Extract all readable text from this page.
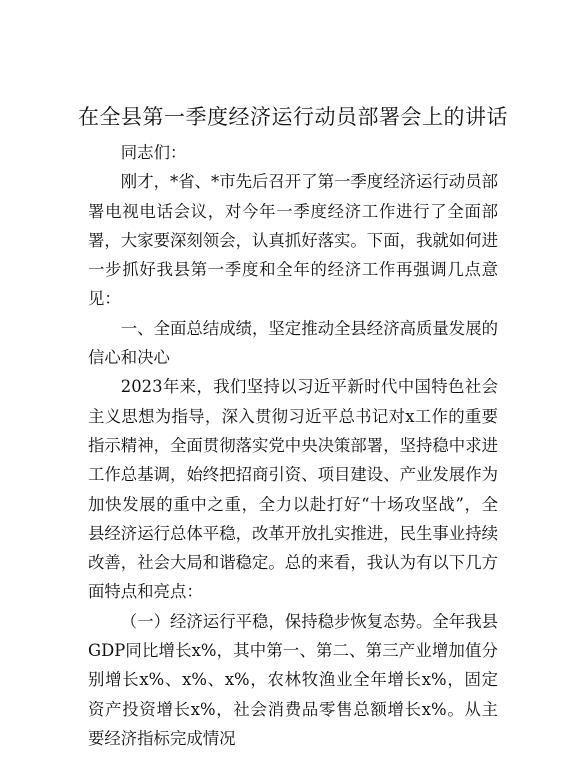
在全县第一季度经济运行动员部署会上的讲话

同志们：

刚才，*省、*市先后召开了第一季度经济运行动员部署电视电话会议，对今年一季度经济工作进行了全面部署，大家要深刻领会，认真抓好落实。下面，我就如何进一步抓好我县第一季度和全年的经济工作再强调几点意见：

一、全面总结成绩，坚定推动全县经济高质量发展的信心和决心

2023年来，我们坚持以习近平新时代中国特色社会主义思想为指导，深入贯彻习近平总书记对x工作的重要指示精神，全面贯彻落实党中央决策部署，坚持稳中求进工作总基调，始终把招商引资、项目建设、产业发展作为加快发展的重中之重，全力以赴打好“十场攻坚战”，全县经济运行总体平稳，改革开放扎实推进，民生事业持续改善，社会大局和谐稳定。总的来看，我认为有以下几方面特点和亮点：

（一）经济运行平稳，保持稳步恢复态势。全年我县GDP同比增长x%，其中第一、第二、第三产业增加值分别增长x%、x%、x%，农林牧渔业全年增长x%，固定资产投资增长x%，社会消费品零售总额增长x%。从主要经济指标完成情况
